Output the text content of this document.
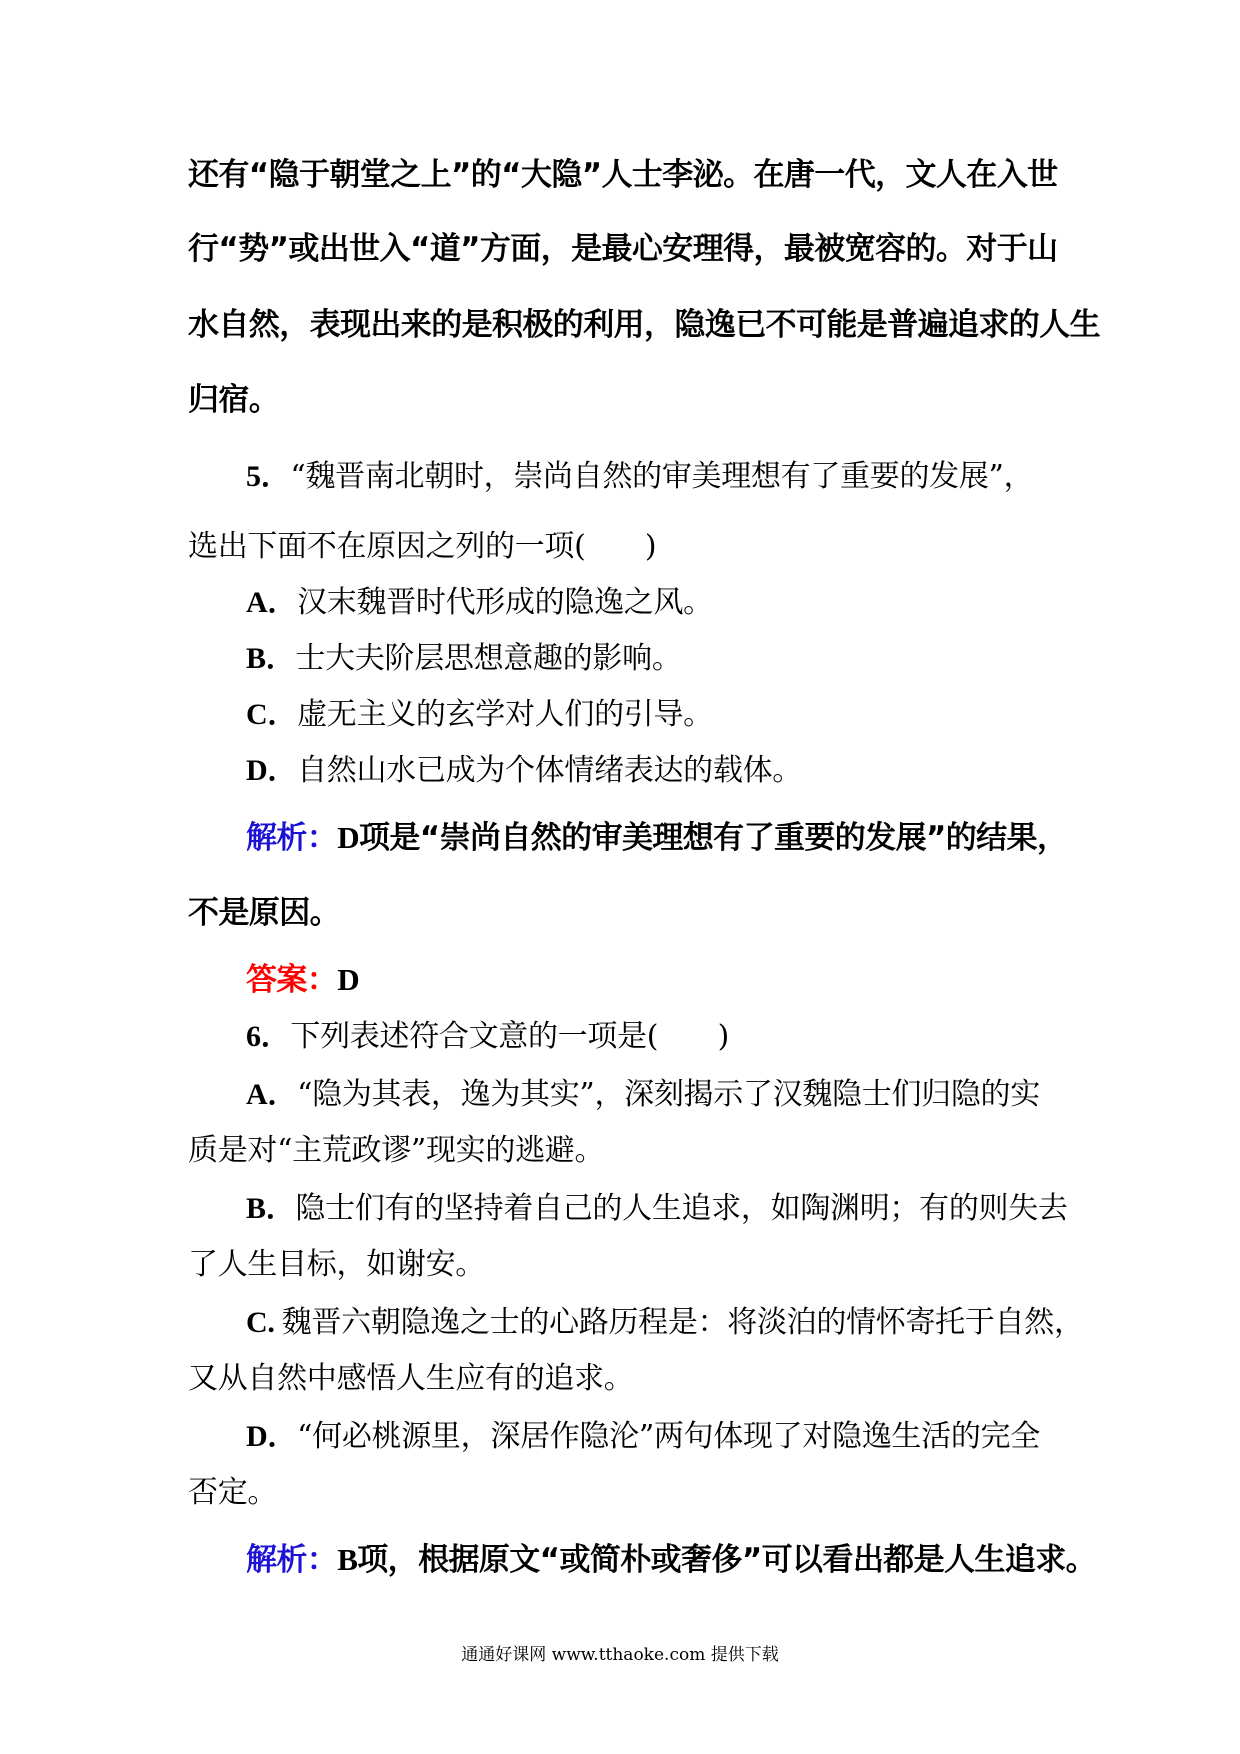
还有“隐于朝堂之上”的“大隐”人士李泌。在唐一代，文人在入世
行“势”或出世入“道”方面，是最心安理得，最被宽容的。对于山
水自然，表现出来的是积极的利用，隐逸已不可能是普遍追求的人生
归宿。
5．“魏晋南北朝时，崇尚自然的审美理想有了重要的发展”，
选出下面不在原因之列的一项(　　)
A．汉末魏晋时代形成的隐逸之风。
B．士大夫阶层思想意趣的影响。
C．虚无主义的玄学对人们的引导。
D．自然山水已成为个体情绪表达的载体。
解析：D项是“崇尚自然的审美理想有了重要的发展”的结果，
不是原因。
答案：D
6．下列表述符合文意的一项是(　　)
A．“隐为其表，逸为其实”，深刻揭示了汉魏隐士们归隐的实
质是对“主荒政谬”现实的逃避。
B．隐士们有的坚持着自己的人生追求，如陶渊明；有的则失去
了人生目标，如谢安。
C. 魏晋六朝隐逸之士的心路历程是：将淡泊的情怀寄托于自然，
又从自然中感悟人生应有的追求。
D．“何必桃源里，深居作隐沦”两句体现了对隐逸生活的完全
否定。
解析：B项，根据原文“或简朴或奢侈”可以看出都是人生追求。
通通好课网 www.tthaoke.com 提供下载
